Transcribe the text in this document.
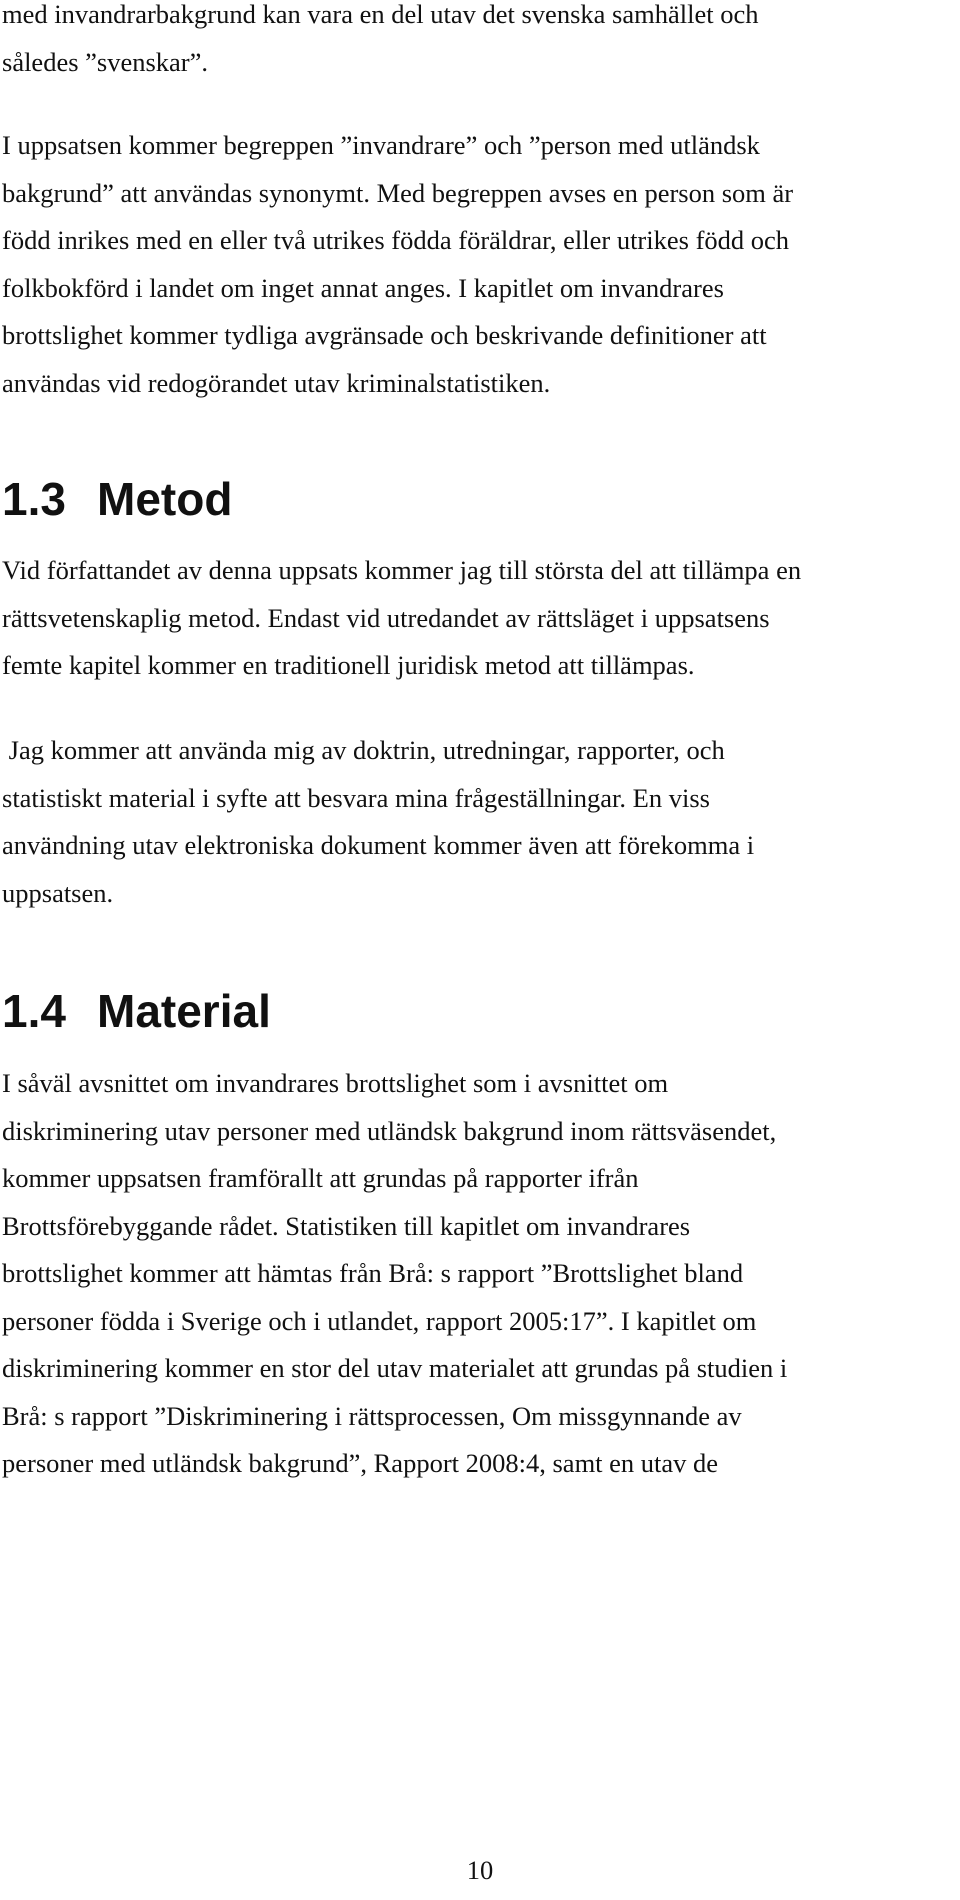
med invandrarbakgrund kan vara en del utav det svenska samhället och
således ”svenskar”.
I uppsatsen kommer begreppen ”invandrare” och ”person med utländsk
bakgrund” att användas synonymt. Med begreppen avses en person som är
född inrikes med en eller två utrikes födda föräldrar, eller utrikes född och
folkbokförd i landet om inget annat anges. I kapitlet om invandrares
brottslighet kommer tydliga avgränsade och beskrivande definitioner att
användas vid redogörandet utav kriminalstatistiken.
1.3 Metod
Vid författandet av denna uppsats kommer jag till största del att tillämpa en
rättsvetenskaplig metod. Endast vid utredandet av rättsläget i uppsatsens
femte kapitel kommer en traditionell juridisk metod att tillämpas.
Jag kommer att använda mig av doktrin, utredningar, rapporter, och
statistiskt material i syfte att besvara mina frågeställningar. En viss
användning utav elektroniska dokument kommer även att förekomma i
uppsatsen.
1.4 Material
I såväl avsnittet om invandrares brottslighet som i avsnittet om
diskriminering utav personer med utländsk bakgrund inom rättsväsendet,
kommer uppsatsen framförallt att grundas på rapporter ifrån
Brottsförebyggande rådet. Statistiken till kapitlet om invandrares
brottslighet kommer att hämtas från Brå: s rapport ”Brottslighet bland
personer födda i Sverige och i utlandet, rapport 2005:17”. I kapitlet om
diskriminering kommer en stor del utav materialet att grundas på studien i
Brå: s rapport ”Diskriminering i rättsprocessen, Om missgynnande av
personer med utländsk bakgrund”, Rapport 2008:4, samt en utav de
10
